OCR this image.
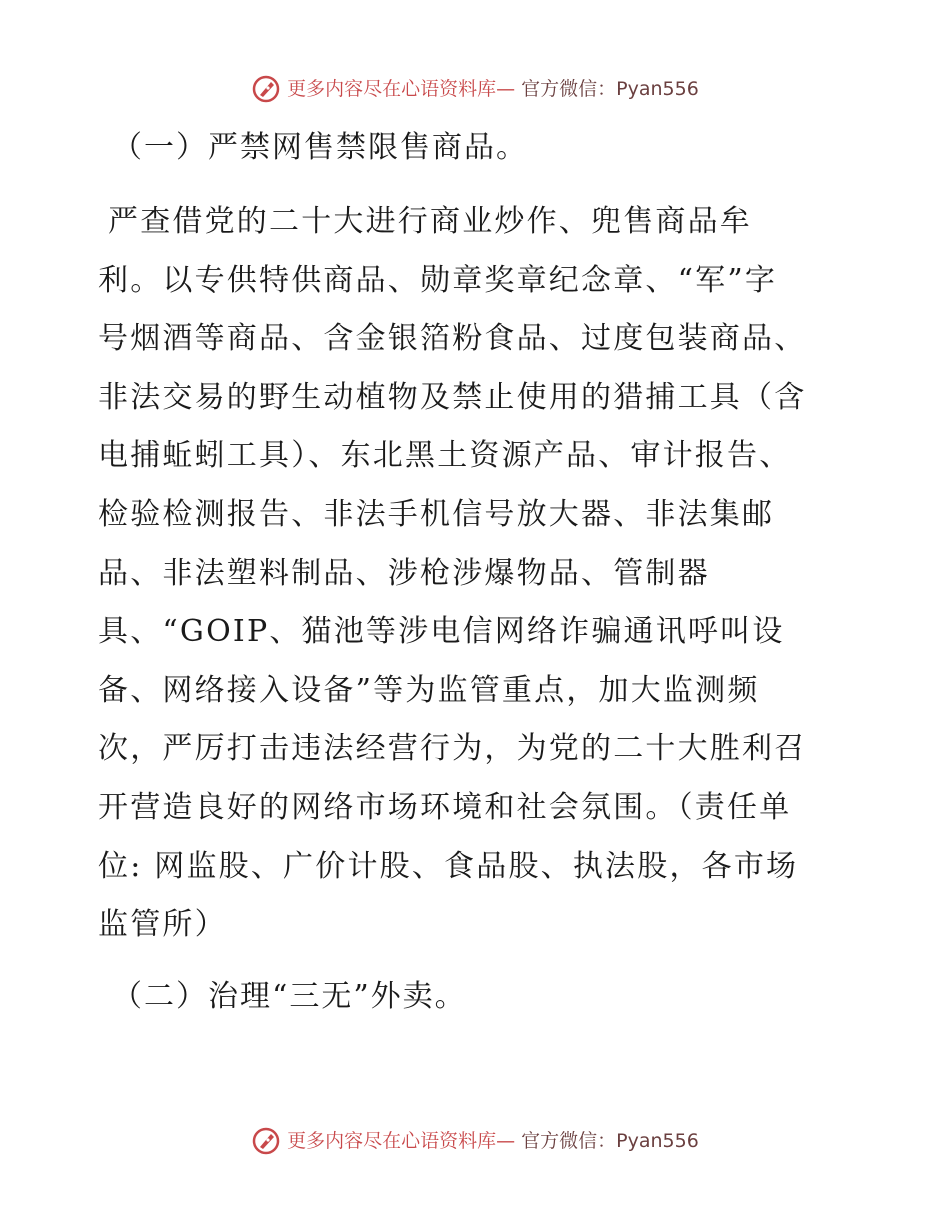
更多内容尽在心语资料库— 官方微信：Pyan556
（一）严禁网售禁限售商品。
严查借党的二十大进行商业炒作、兜售商品牟
利。以专供特供商品、勋章奖章纪念章、“军”字
号烟酒等商品、含金银箔粉食品、过度包装商品、
非法交易的野生动植物及禁止使用的猎捕工具（含
电捕蚯蚓工具）、东北黑土资源产品、审计报告、
检验检测报告、非法手机信号放大器、非法集邮
品、非法塑料制品、涉枪涉爆物品、管制器
具、“GOIP、猫池等涉电信网络诈骗通讯呼叫设
备、网络接入设备”等为监管重点，加大监测频
次，严厉打击违法经营行为，为党的二十大胜利召
开营造良好的网络市场环境和社会氛围。（责任单
位: 网监股、广价计股、食品股、执法股，各市场
监管所）
（二）治理“三无”外卖。
更多内容尽在心语资料库— 官方微信：Pyan556
